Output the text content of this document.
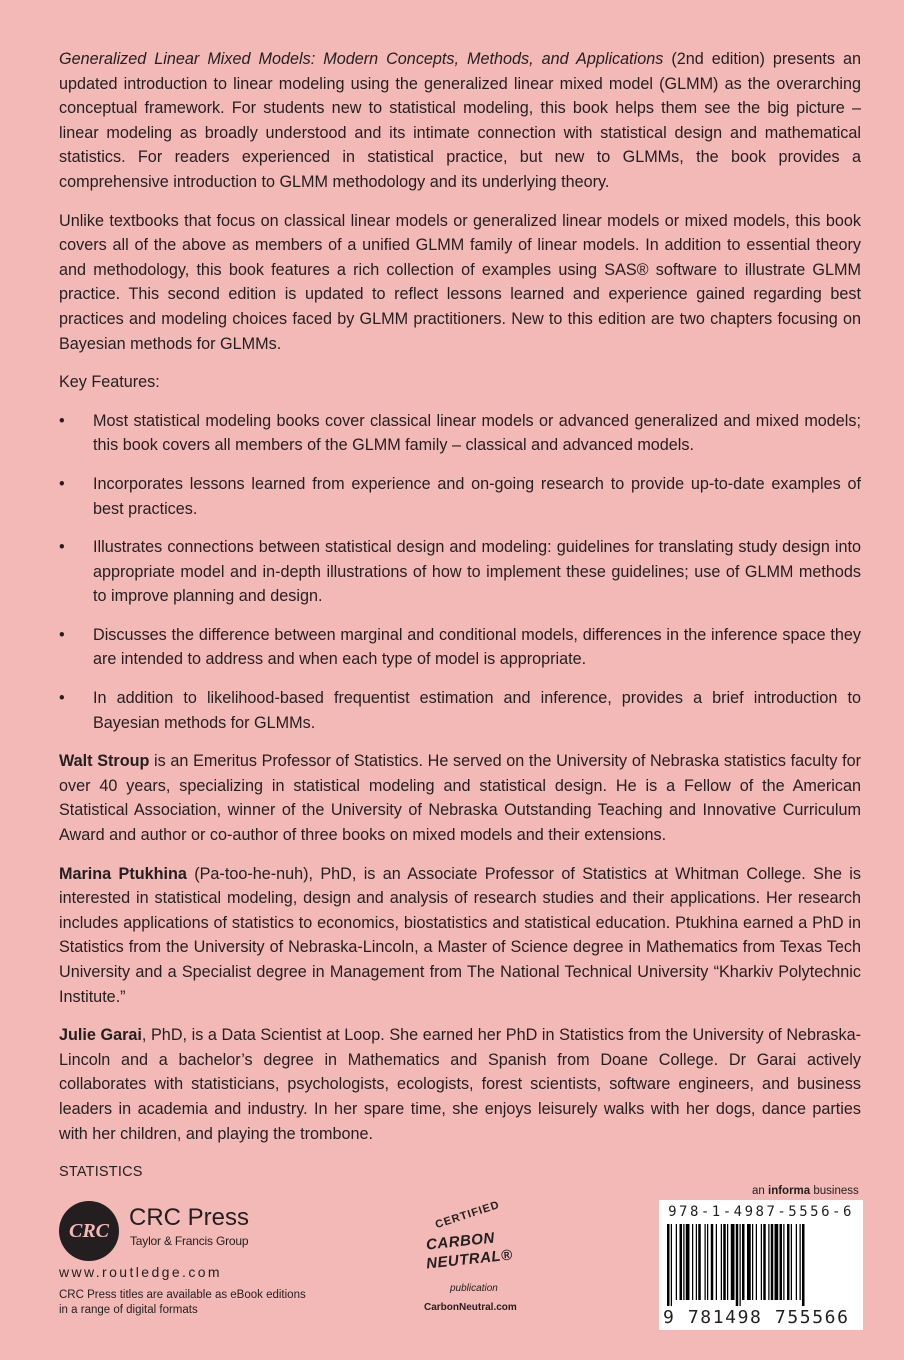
Generalized Linear Mixed Models: Modern Concepts, Methods, and Applications (2nd edition) presents an updated introduction to linear modeling using the generalized linear mixed model (GLMM) as the overarching conceptual framework. For students new to statistical modeling, this book helps them see the big picture – linear modeling as broadly understood and its intimate connection with statistical design and mathematical statistics. For readers experienced in statistical practice, but new to GLMMs, the book provides a comprehensive introduction to GLMM methodology and its underlying theory.

Unlike textbooks that focus on classical linear models or generalized linear models or mixed models, this book covers all of the above as members of a unified GLMM family of linear models. In addition to essential theory and methodology, this book features a rich collection of examples using SAS® software to illustrate GLMM practice. This second edition is updated to reflect lessons learned and experience gained regarding best practices and modeling choices faced by GLMM practitioners. New to this edition are two chapters focusing on Bayesian methods for GLMMs.

Key Features:

• Most statistical modeling books cover classical linear models or advanced generalized and mixed models; this book covers all members of the GLMM family – classical and advanced models.
• Incorporates lessons learned from experience and on-going research to provide up-to-date examples of best practices.
• Illustrates connections between statistical design and modeling: guidelines for translating study design into appropriate model and in-depth illustrations of how to implement these guidelines; use of GLMM methods to improve planning and design.
• Discusses the difference between marginal and conditional models, differences in the inference space they are intended to address and when each type of model is appropriate.
• In addition to likelihood-based frequentist estimation and inference, provides a brief introduction to Bayesian methods for GLMMs.

Walt Stroup is an Emeritus Professor of Statistics. He served on the University of Nebraska statistics faculty for over 40 years, specializing in statistical modeling and statistical design. He is a Fellow of the American Statistical Association, winner of the University of Nebraska Outstanding Teaching and Innovative Curriculum Award and author or co-author of three books on mixed models and their extensions.

Marina Ptukhina (Pa-too-he-nuh), PhD, is an Associate Professor of Statistics at Whitman College. She is interested in statistical modeling, design and analysis of research studies and their applications. Her research includes applications of statistics to economics, biostatistics and statistical education. Ptukhina earned a PhD in Statistics from the University of Nebraska-Lincoln, a Master of Science degree in Mathematics from Texas Tech University and a Specialist degree in Management from The National Technical University “Kharkiv Polytechnic Institute.”

Julie Garai, PhD, is a Data Scientist at Loop. She earned her PhD in Statistics from the University of Nebraska-Lincoln and a bachelor’s degree in Mathematics and Spanish from Doane College. Dr Garai actively collaborates with statisticians, psychologists, ecologists, forest scientists, software engineers, and business leaders in academia and industry. In her spare time, she enjoys leisurely walks with her dogs, dance parties with her children, and playing the trombone.

STATISTICS
CRC CRC Press
Taylor & Francis Group
www.routledge.com
CRC Press titles are available as eBook editions
in a range of digital formats
CERTIFIED
CARBON
NEUTRAL®
publication
CarbonNeutral.com
an informa business
978-1-4987-5556-6
9 781498 755566
